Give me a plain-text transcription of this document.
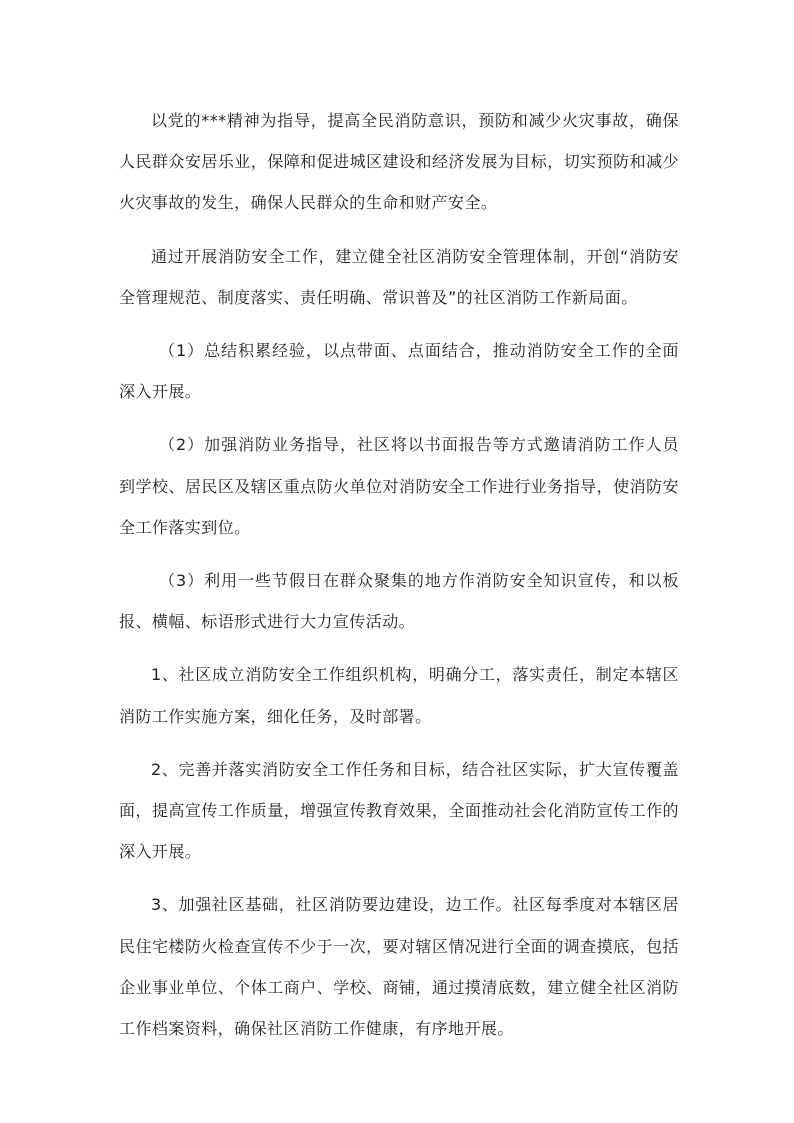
以党的***精神为指导，提高全民消防意识，预防和减少火灾事故，确保人民群众安居乐业，保障和促进城区建设和经济发展为目标，切实预防和减少火灾事故的发生，确保人民群众的生命和财产安全。

通过开展消防安全工作，建立健全社区消防安全管理体制，开创“消防安全管理规范、制度落实、责任明确、常识普及”的社区消防工作新局面。

（1）总结积累经验，以点带面、点面结合，推动消防安全工作的全面深入开展。

（2）加强消防业务指导，社区将以书面报告等方式邀请消防工作人员到学校、居民区及辖区重点防火单位对消防安全工作进行业务指导，使消防安全工作落实到位。

（3）利用一些节假日在群众聚集的地方作消防安全知识宣传，和以板报、横幅、标语形式进行大力宣传活动。

1、社区成立消防安全工作组织机构，明确分工，落实责任，制定本辖区消防工作实施方案，细化任务，及时部署。

2、完善并落实消防安全工作任务和目标，结合社区实际，扩大宣传覆盖面，提高宣传工作质量，增强宣传教育效果，全面推动社会化消防宣传工作的深入开展。

3、加强社区基础，社区消防要边建设，边工作。社区每季度对本辖区居民住宅楼防火检查宣传不少于一次，要对辖区情况进行全面的调查摸底，包括企业事业单位、个体工商户、学校、商铺，通过摸清底数，建立健全社区消防工作档案资料，确保社区消防工作健康，有序地开展。
